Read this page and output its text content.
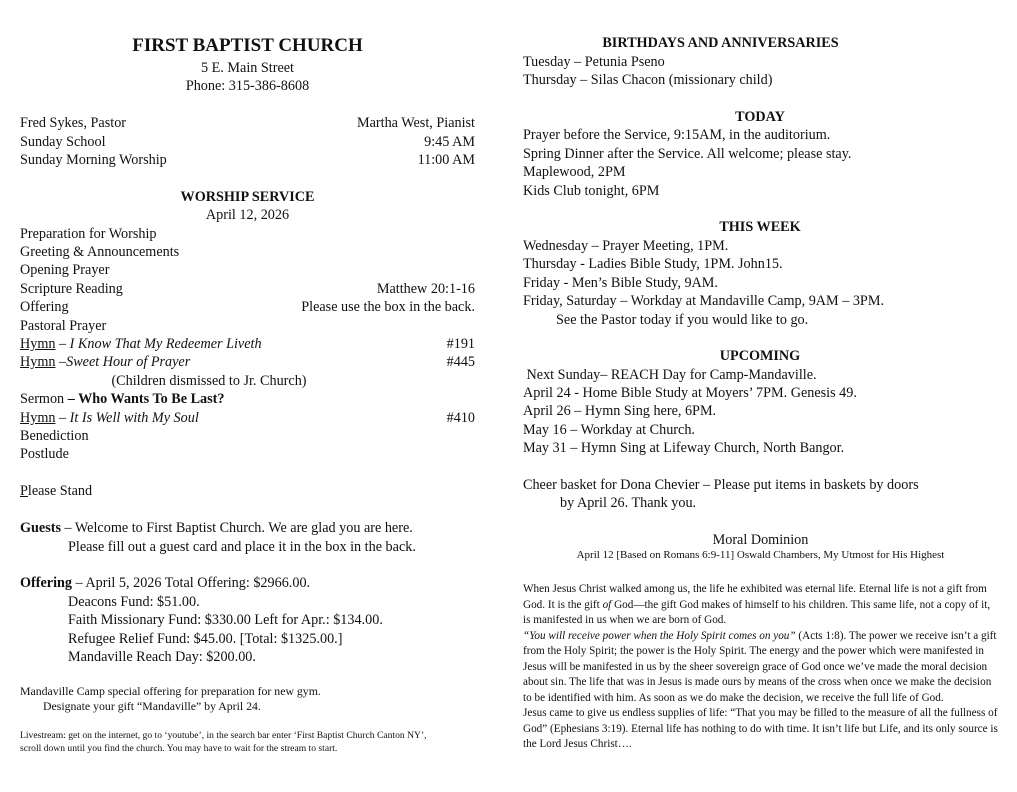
FIRST BAPTIST CHURCH
5 E. Main Street
Phone: 315-386-8608
Fred Sykes, Pastor	Martha West, Pianist
Sunday School	9:45 AM
Sunday Morning Worship	11:00 AM
WORSHIP SERVICE
April 12, 2026
Preparation for Worship
Greeting & Announcements
Opening Prayer
Scripture Reading	Matthew 20:1-16
Offering	Please use the box in the back.
Pastoral Prayer
Hymn – I Know That My Redeemer Liveth	#191
Hymn –Sweet Hour of Prayer	#445
(Children dismissed to Jr. Church)
Sermon – Who Wants To Be Last?
Hymn – It Is Well with My Soul	#410
Benediction
Postlude
Please Stand
Guests – Welcome to First Baptist Church. We are glad you are here.
Please fill out a guest card and place it in the box in the back.
Offering – April 5, 2026 Total Offering: $2966.00.
Deacons Fund: $51.00.
Faith Missionary Fund: $330.00 Left for Apr.: $134.00.
Refugee Relief Fund: $45.00. [Total: $1325.00.]
Mandaville Reach Day: $200.00.
Mandaville Camp special offering for preparation for new gym.
Designate your gift “Mandaville” by April 24.
Livestream: get on the internet, go to ‘youtube’, in the search bar enter ‘First Baptist Church Canton NY’,
scroll down until you find the church. You may have to wait for the stream to start.
BIRTHDAYS AND ANNIVERSARIES
Tuesday – Petunia Pseno
Thursday – Silas Chacon (missionary child)
TODAY
Prayer before the Service, 9:15AM, in the auditorium.
Spring Dinner after the Service. All welcome; please stay.
Maplewood, 2PM
Kids Club tonight, 6PM
THIS WEEK
Wednesday – Prayer Meeting, 1PM.
Thursday - Ladies Bible Study, 1PM. John15.
Friday - Men’s Bible Study, 9AM.
Friday, Saturday – Workday at Mandaville Camp, 9AM – 3PM.
See the Pastor today if you would like to go.
UPCOMING
Next Sunday– REACH Day for Camp-Mandaville.
April 24 - Home Bible Study at Moyers’ 7PM. Genesis 49.
April 26 – Hymn Sing here, 6PM.
May 16 – Workday at Church.
May 31 – Hymn Sing at Lifeway Church, North Bangor.
Cheer basket for Dona Chevier – Please put items in baskets by doors
by April 26. Thank you.
Moral Dominion
April 12 [Based on Romans 6:9-11] Oswald Chambers, My Utmost for His Highest
When Jesus Christ walked among us, the life he exhibited was eternal life. Eternal life is not a gift from God. It is the gift of God—the gift God makes of himself to his children. This same life, not a copy of it, is manifested in us when we are born of God.
“You will receive power when the Holy Spirit comes on you” (Acts 1:8). The power we receive isn’t a gift from the Holy Spirit; the power is the Holy Spirit. The energy and the power which were manifested in Jesus will be manifested in us by the sheer sovereign grace of God once we’ve made the moral decision about sin. The life that was in Jesus is made ours by means of the cross when once we make the decision to be identified with him. As soon as we do make the decision, we receive the full life of God.
Jesus came to give us endless supplies of life: “That you may be filled to the measure of all the fullness of God” (Ephesians 3:19). Eternal life has nothing to do with time. It isn’t life but Life, and its only source is the Lord Jesus Christ….
